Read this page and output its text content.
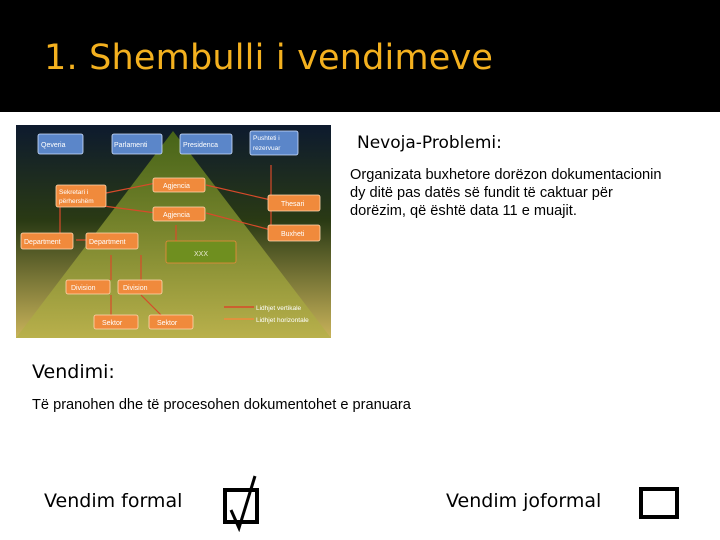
1. Shembulli i vendimeve
Qeveria	Parlamenti	Presidenca
Pushteti i
rezervuar
Sekretari i
përhershëm
Agjencia
Agjencia
Thesari
Buxheti
Department	Department
XXX
Division	Division
Sektor	Sektor
Lidhjet vertikale
Lidhjet horizontale
Nevoja-Problemi:
Organizata buxhetore dorëzon dokumentacionin dy ditë pas datës së fundit të caktuar për dorëzim, që është data 11 e muajit.
Vendimi:
Të pranohen dhe të procesohen dokumentohet e pranuara
Vendim formal	Vendim joformal
